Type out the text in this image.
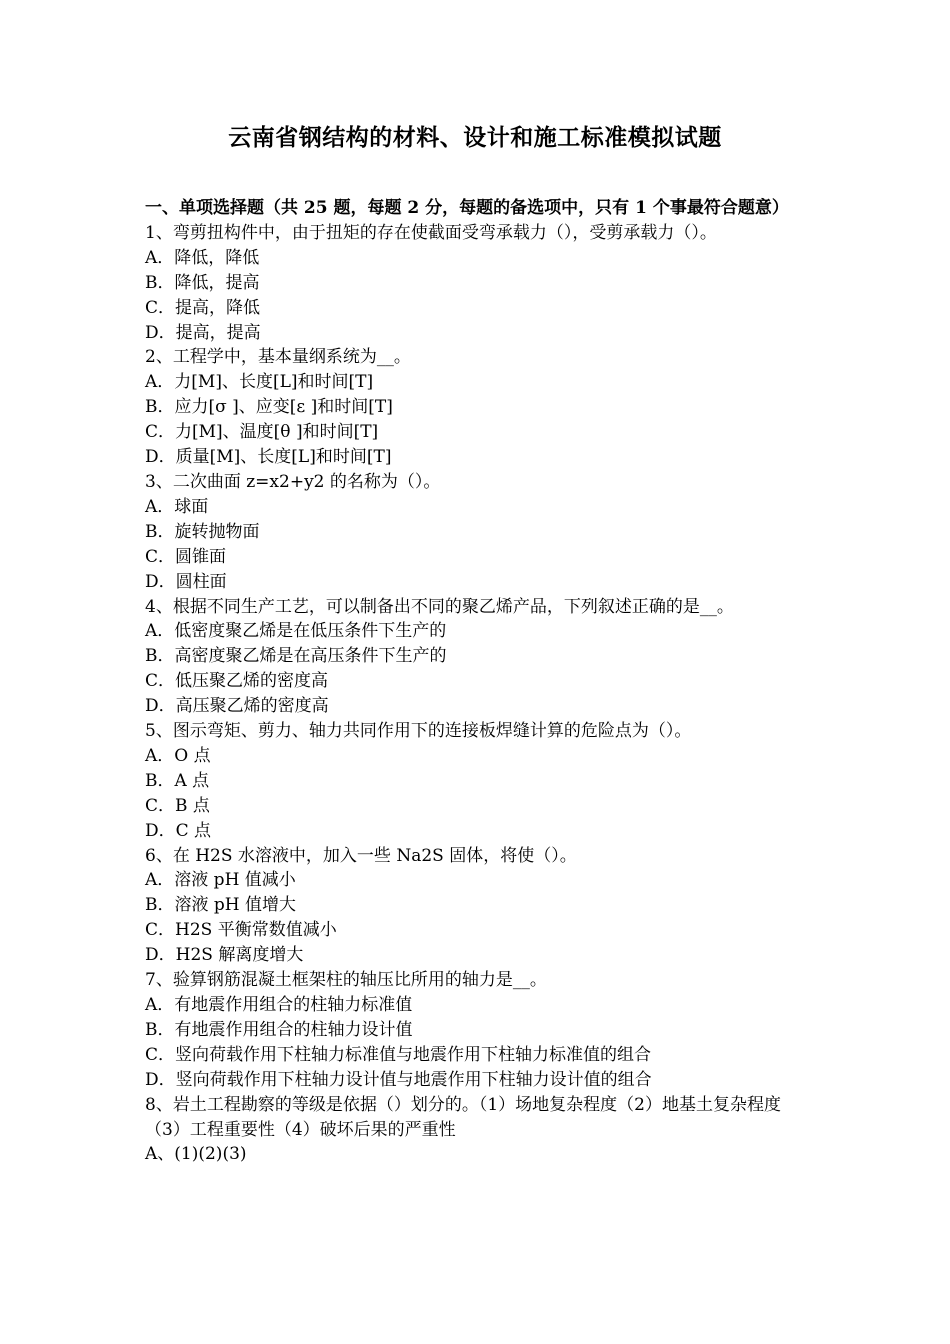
云南省钢结构的材料、设计和施工标准模拟试题
一、单项选择题（共 25 题，每题 2 分，每题的备选项中，只有 1 个事最符合题意）
1、弯剪扭构件中，由于扭矩的存在使截面受弯承载力（），受剪承载力（）。
A．降低，降低
B．降低，提高
C．提高，降低
D．提高，提高
2、工程学中，基本量纲系统为__。
A．力[M]、长度[L]和时间[T]
B．应力[σ ]、应变[ε ]和时间[T]
C．力[M]、温度[θ ]和时间[T]
D．质量[M]、长度[L]和时间[T]
3、二次曲面 z=x2+y2 的名称为（）。
A．球面
B．旋转抛物面
C．圆锥面
D．圆柱面
4、根据不同生产工艺，可以制备出不同的聚乙烯产品，下列叙述正确的是__。
A．低密度聚乙烯是在低压条件下生产的
B．高密度聚乙烯是在高压条件下生产的
C．低压聚乙烯的密度高
D．高压聚乙烯的密度高
5、图示弯矩、剪力、轴力共同作用下的连接板焊缝计算的危险点为（）。
A．O 点
B．A 点
C．B 点
D．C 点
6、在 H2S 水溶液中，加入一些 Na2S 固体，将使（）。
A．溶液 pH 值减小
B．溶液 pH 值增大
C．H2S 平衡常数值减小
D．H2S 解离度增大
7、验算钢筋混凝土框架柱的轴压比所用的轴力是__。
A．有地震作用组合的柱轴力标准值
B．有地震作用组合的柱轴力设计值
C．竖向荷载作用下柱轴力标准值与地震作用下柱轴力标准值的组合
D．竖向荷载作用下柱轴力设计值与地震作用下柱轴力设计值的组合
8、岩土工程勘察的等级是依据（）划分的。（1）场地复杂程度（2）地基土复杂程度（3）工程重要性（4）破坏后果的严重性
A、(1)(2)(3)
